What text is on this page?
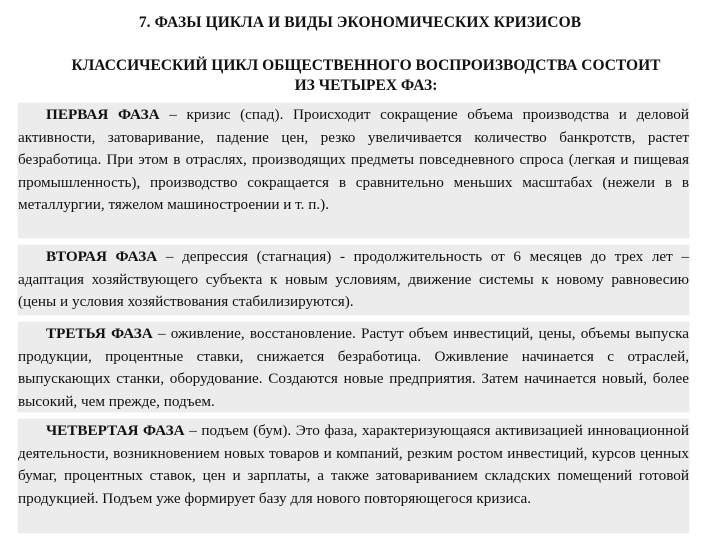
7. ФАЗЫ ЦИКЛА И ВИДЫ ЭКОНОМИЧЕСКИХ КРИЗИСОВ
КЛАССИЧЕСКИЙ ЦИКЛ ОБЩЕСТВЕННОГО ВОСПРОИЗВОДСТВА СОСТОИТ ИЗ ЧЕТЫРЕХ ФАЗ:
ПЕРВАЯ ФАЗА – кризис (спад). Происходит сокращение объема производства и деловой активности, затоваривание, падение цен, резко увеличивается количество банкротств, растет безработица. При этом в отраслях, производящих предметы повседневного спроса (легкая и пищевая промышленность), производство сокращается в сравнительно меньших масштабах (нежели в в металлургии, тяжелом машиностроении и т. п.).
ВТОРАЯ ФАЗА – депрессия (стагнация) - продолжительность от 6 месяцев до трех лет – адаптация хозяйствующего субъекта к новым условиям, движение системы к новому равновесию (цены и условия хозяйствования стабилизируются).
ТРЕТЬЯ ФАЗА – оживление, восстановление. Растут объем инвестиций, цены, объемы выпуска продукции, процентные ставки, снижается безработица. Оживление начинается с отраслей, выпускающих станки, оборудование. Создаются новые предприятия. Затем начинается новый, более высокий, чем прежде, подъем.
ЧЕТВЕРТАЯ ФАЗА – подъем (бум). Это фаза, характеризующаяся активизацией инновационной деятельности, возникновением новых товаров и компаний, резким ростом инвестиций, курсов ценных бумаг, процентных ставок, цен и зарплаты, а также затовариванием складских помещений готовой продукцией. Подъем уже формирует базу для нового повторяющегося кризиса.
